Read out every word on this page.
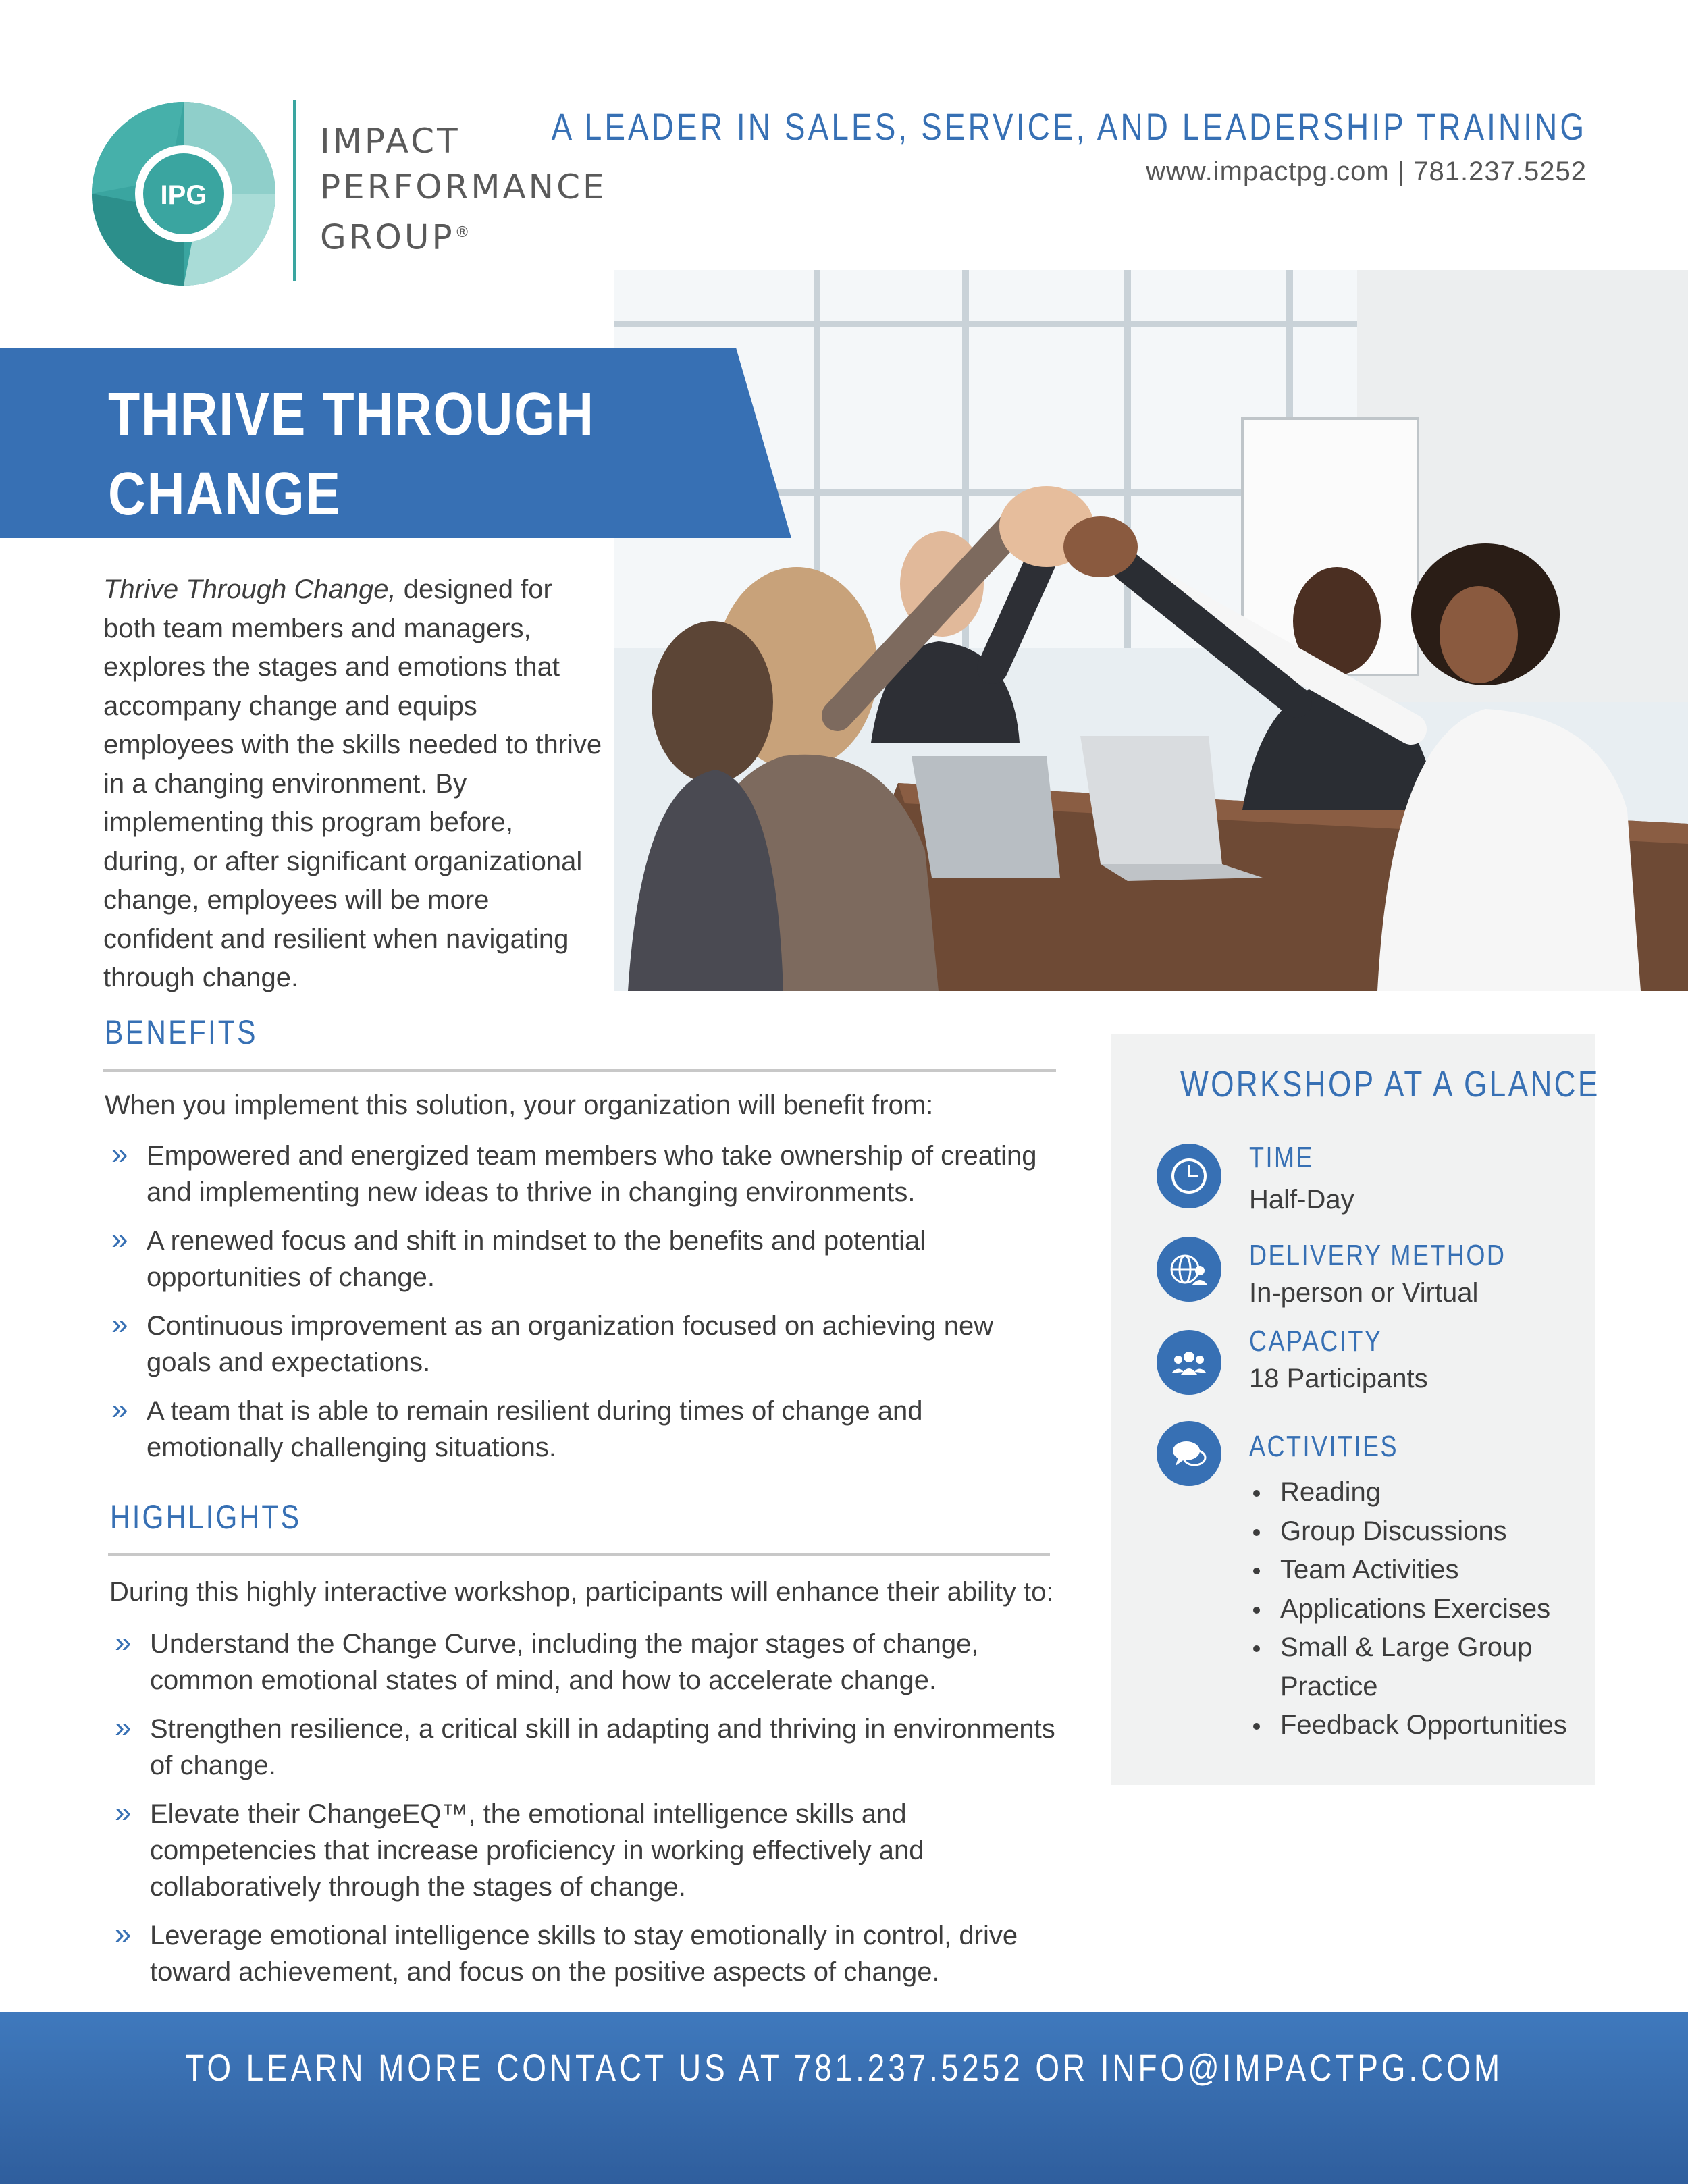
IPG
IMPACT
PERFORMANCE
GROUP®
A LEADER IN SALES, SERVICE, AND LEADERSHIP TRAINING
www.impactpg.com | 781.237.5252
THRIVE THROUGH
CHANGE
Thrive Through Change, designed for both team members and managers, explores the stages and emotions that accompany change and equips employees with the skills needed to thrive in a changing environment. By implementing this program before, during, or after significant organizational change, employees will be more confident and resilient when navigating through change.
BENEFITS
When you implement this solution, your organization will benefit from:
» Empowered and energized team members who take ownership of creating and implementing new ideas to thrive in changing environments.
» A renewed focus and shift in mindset to the benefits and potential opportunities of change.
» Continuous improvement as an organization focused on achieving new goals and expectations.
» A team that is able to remain resilient during times of change and emotionally challenging situations.
HIGHLIGHTS
During this highly interactive workshop, participants will enhance their ability to:
» Understand the Change Curve, including the major stages of change, common emotional states of mind, and how to accelerate change.
» Strengthen resilience, a critical skill in adapting and thriving in environments of change.
» Elevate their ChangeEQ™, the emotional intelligence skills and competencies that increase proficiency in working effectively and collaboratively through the stages of change.
» Leverage emotional intelligence skills to stay emotionally in control, drive toward achievement, and focus on the positive aspects of change.
WORKSHOP AT A GLANCE
TIME
Half-Day
DELIVERY METHOD
In-person or Virtual
CAPACITY
18 Participants
ACTIVITIES
Reading
Group Discussions
Team Activities
Applications Exercises
Small & Large Group Practice
Feedback Opportunities
TO LEARN MORE CONTACT US AT 781.237.5252 OR INFO@IMPACTPG.COM
